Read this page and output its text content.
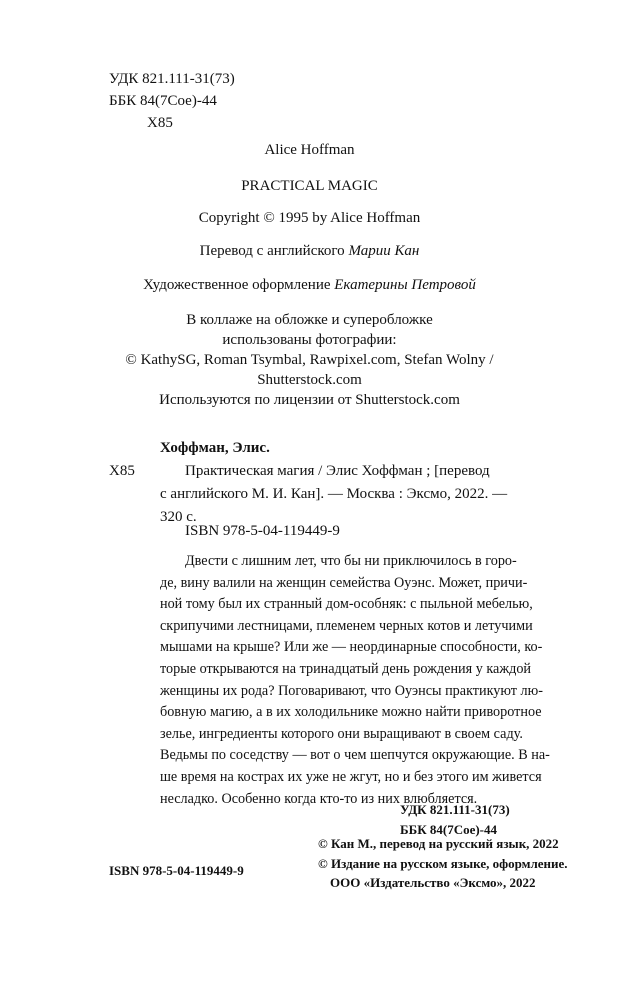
УДК 821.111-31(73)
ББК 84(7Сое)-44
Х85
Alice Hoffman
PRACTICAL MAGIC
Copyright © 1995 by Alice Hoffman
Перевод с английского Марии Кан
Художественное оформление Екатерины Петровой
В коллаже на обложке и суперобложке
использованы фотографии:
© KathySG, Roman Tsymbal, Rawpixel.com, Stefan Wolny /
Shutterstock.com
Используются по лицензии от Shutterstock.com
Хоффман, Элис.
Х85	Практическая магия / Элис Хоффман ; [перевод
с английского М. И. Кан]. — Москва : Эксмо, 2022. —
320 с.
ISBN 978-5-04-119449-9
Двести с лишним лет, что бы ни приключилось в горо-
де, вину валили на женщин семейства Оуэнс. Может, причи-
ной тому был их странный дом-особняк: с пыльной мебелью,
скрипучими лестницами, племенем черных котов и летучими
мышами на крыше? Или же — неординарные способности, ко-
торые открываются на тринадцатый день рождения у каждой
женщины их рода? Поговаривают, что Оуэнсы практикуют лю-
бовную магию, а в их холодильнике можно найти приворотное
зелье, ингредиенты которого они выращивают в своем саду.
Ведьмы по соседству — вот о чем шепчутся окружающие. В на-
ше время на кострах их уже не жгут, но и без этого им живется
несладко. Особенно когда кто-то из них влюбляется.
УДК 821.111-31(73)
ББК 84(7Сое)-44
ISBN 978-5-04-119449-9
© Кан М., перевод на русский язык, 2022
© Издание на русском языке, оформление.
ООО «Издательство «Эксмо», 2022
